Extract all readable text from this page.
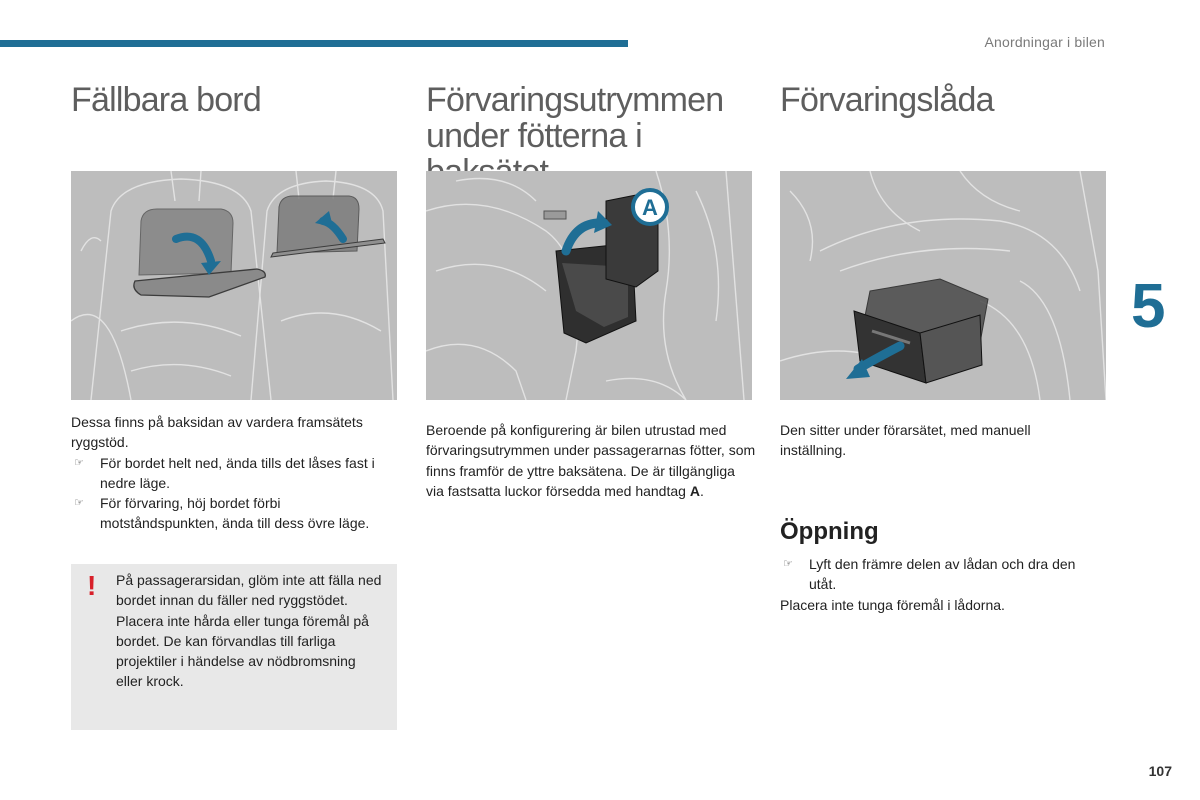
Anordningar i bilen
5
107
Fällbara bord

Dessa finns på baksidan av vardera framsätets ryggstöd.

☞ För bordet helt ned, ända tills det låses fast i nedre läge.

☞ För förvaring, höj bordet förbi motståndspunkten, ända till dess övre läge.

! På passagerarsidan, glöm inte att fälla ned bordet innan du fäller ned ryggstödet.

Placera inte hårda eller tunga föremål på bordet. De kan förvandlas till farliga projektiler i händelse av nödbromsning eller krock.

Förvaringsutrymmen
under fötterna i
A

Beroende på konfigurering är bilen utrustad med förvaringsutrymmen under passagerarnas fötter, som finns framför de yttre baksätena. De är tillgängliga via fastsatta luckor försedda med handtag A.

Förvaringslåda

Den sitter under förarsätet, med manuell inställning.

Öppning

☞ Lyft den främre delen av lådan och dra den utåt.

Placera inte tunga föremål i lådorna.
